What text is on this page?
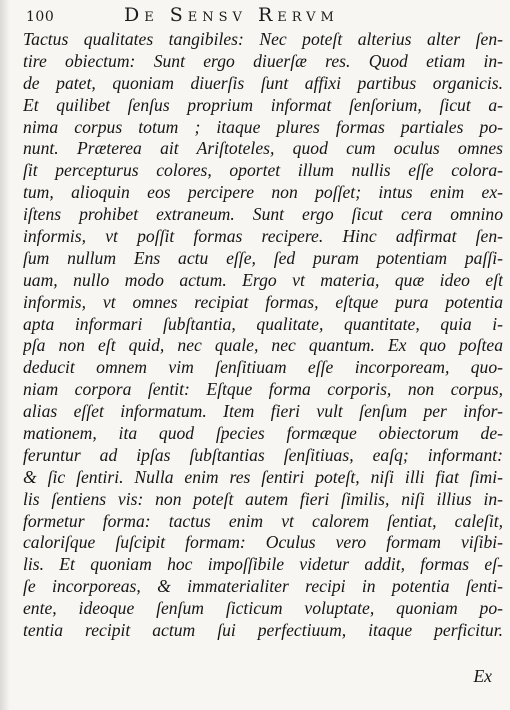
100	De Sensv Rervm
Tactus qualitates tangibiles: Nec poteſt alterius alter ſen-
tire obiectum: Sunt ergo diuerſæ res. Quod etiam in-
de patet, quoniam diuerſis ſunt affixi partibus organicis.
Et quilibet ſenſus proprium informat ſenſorium, ſicut a-
nima corpus totum ; itaque plures formas partiales po-
nunt. Præterea ait Ariſtoteles, quod cum oculus omnes
ſit percepturus colores, oportet illum nullis eſſe colora-
tum, alioquin eos percipere non poſſet; intus enim ex-
iſtens prohibet extraneum. Sunt ergo ſicut cera omnino
informis, vt poſſit formas recipere. Hinc adfirmat ſen-
ſum nullum Ens actu eſſe, ſed puram potentiam paſſi-
uam, nullo modo actum. Ergo vt materia, quæ ideo eſt
informis, vt omnes recipiat formas, eſtque pura potentia
apta informari ſubſtantia, qualitate, quantitate, quia i-
pſa non eſt quid, nec quale, nec quantum. Ex quo poſtea
deducit omnem vim ſenſitiuam eſſe incorpoream, quo-
niam corpora ſentit: Eſtque forma corporis, non corpus,
alias eſſet informatum. Item fieri vult ſenſum per infor-
mationem, ita quod ſpecies formæque obiectorum de-
feruntur ad ipſas ſubſtantias ſenſitiuas, eaſq; informant:
& ſic ſentiri. Nulla enim res ſentiri poteſt, niſi illi fiat ſimi-
lis ſentiens vis: non poteſt autem fieri ſimilis, niſi illius in-
formetur forma: tactus enim vt calorem ſentiat, caleſit,
caloriſque ſuſcipit formam: Oculus vero formam viſibi-
lis. Et quoniam hoc impoſſibile videtur addit, formas eſ-
ſe incorporeas, & immaterialiter recipi in potentia ſenti-
ente, ideoque ſenſum ſicticum voluptate, quoniam po-
tentia recipit actum ſui perfectiuum, itaque perficitur.
Ex
